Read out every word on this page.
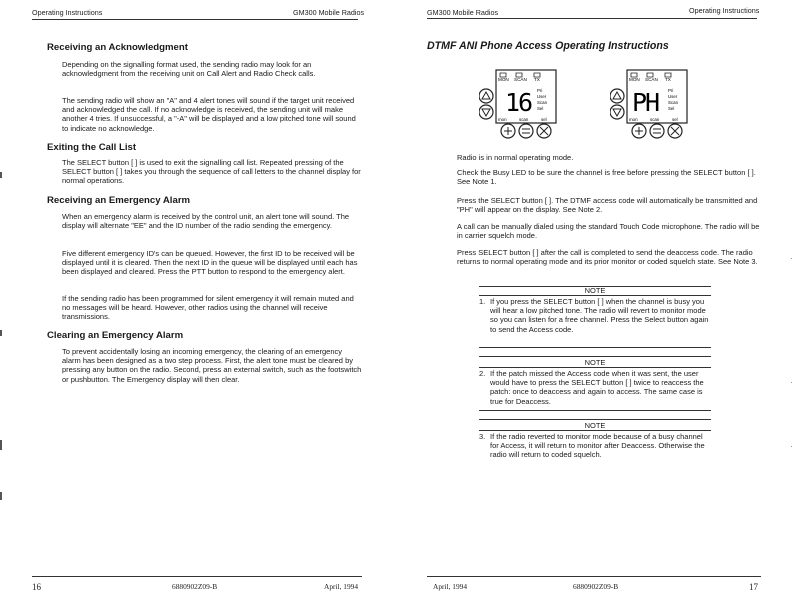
Operating Instructions	GM300 Mobile Radios
Receiving an Acknowledgment

Depending on the signalling format used, the sending radio may look for an acknowledgment from the receiving unit on Call Alert and Radio Check calls.

The sending radio will show an "A" and 4 alert tones will sound if the target unit received and acknowledged the call. If no acknowledge is received, the sending unit will make another 4 tries. If unsuccessful, a "-A" will be displayed and a low pitched tone will sound to indicate no acknowledge.

Exiting the Call List

The SELECT button [ ] is used to exit the signalling call list. Repeated pressing of the SELECT button [ ] takes you through the sequence of call letters to the channel display for normal operations.

Receiving an Emergency Alarm

When an emergency alarm is received by the control unit, an alert tone will sound. The display will alternate "EE" and the ID number of the radio sending the emergency.

Five different emergency ID's can be queued. However, the first ID to be received will be displayed until it is cleared. Then the next ID in the queue will be displayed until each has been displayed and cleared. Press the PTT button to respond to the emergency alert.

If the sending radio has been programmed for silent emergency it will remain muted and no messages will be heard. However, other radios using the channel will receive transmissions.

Clearing an Emergency Alarm

To prevent accidentally losing an incoming emergency, the clearing of an emergency alarm has been designed as a two step process. First, the alert tone must be cleared by pressing any button on the radio. Second, press an external switch, such as the footswitch or pushbutton. The Emergency display will then clear.

16	6880902Z09-B	April, 1994
GM300 Mobile Radios	Operating Instructions
DTMF ANI Phone Access Operating Instructions
MON SCAN TX
16 Pri
User
Scan
Sel
mon	scan	sel
MON SCAN TX
PH Pri
User
Scan
Sel
mon	scan	sel

Radio is in normal operating mode.

Check the Busy LED to be sure the channel is free before pressing the SELECT button [ ]. See Note 1.

Press the SELECT button [ ]. The DTMF access code will automatically be transmitted and "PH" will appear on the display. See Note 2.

A call can be manually dialed using the standard Touch Code microphone. The radio will be in carrier squelch mode.

Press SELECT button [ ] after the call is completed to send the deaccess code. The radio returns to normal operating mode and its prior monitor or coded squelch state. See Note 3.

NOTE
1. If you press the SELECT button [ ] when the channel is busy you will hear a low pitched tone. The radio will revert to monitor mode so you can listen for a free channel. Press the Select button again to send the Access code.

NOTE
2. If the patch missed the Access code when it was sent, the user would have to press the SELECT button [ ] twice to reaccess the patch: once to deaccess and again to access. The same case is true for Deaccess.

NOTE
3. If the radio reverted to monitor mode because of a busy channel for Access, it will return to monitor after Deaccess. Otherwise the radio will return to coded squelch.

April, 1994	6880902Z09-B	17
